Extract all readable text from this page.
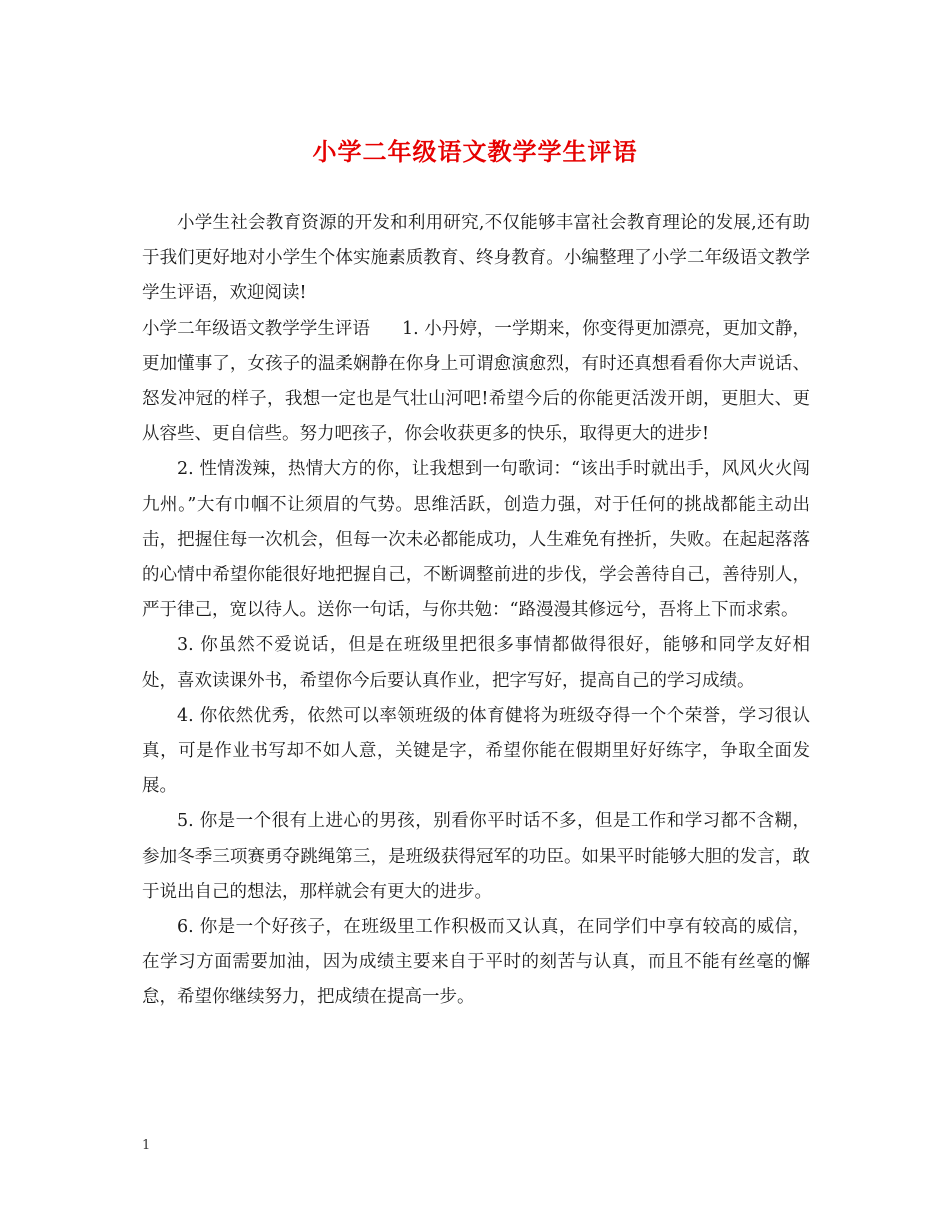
小学二年级语文教学学生评语

小学生社会教育资源的开发和利用研究,不仅能够丰富社会教育理论的发展,还有助于我们更好地对小学生个体实施素质教育、终身教育。小编整理了小学二年级语文教学学生评语，欢迎阅读!

小学二年级语文教学学生评语 1. 小丹婷，一学期来，你变得更加漂亮，更加文静，更加懂事了，女孩子的温柔娴静在你身上可谓愈演愈烈，有时还真想看看你大声说话、怒发冲冠的样子，我想一定也是气壮山河吧!希望今后的你能更活泼开朗，更胆大、更从容些、更自信些。努力吧孩子，你会收获更多的快乐，取得更大的进步!

2. 性情泼辣，热情大方的你，让我想到一句歌词：“该出手时就出手，风风火火闯九州。”大有巾帼不让须眉的气势。思维活跃，创造力强，对于任何的挑战都能主动出击，把握住每一次机会，但每一次未必都能成功，人生难免有挫折，失败。在起起落落的心情中希望你能很好地把握自己，不断调整前进的步伐，学会善待自己，善待别人，严于律己，宽以待人。送你一句话，与你共勉：“路漫漫其修远兮，吾将上下而求索。

3. 你虽然不爱说话，但是在班级里把很多事情都做得很好，能够和同学友好相处，喜欢读课外书，希望你今后要认真作业，把字写好，提高自己的学习成绩。

4. 你依然优秀，依然可以率领班级的体育健将为班级夺得一个个荣誉，学习很认真，可是作业书写却不如人意，关键是字，希望你能在假期里好好练字，争取全面发展。

5. 你是一个很有上进心的男孩，别看你平时话不多，但是工作和学习都不含糊，参加冬季三项赛勇夺跳绳第三，是班级获得冠军的功臣。如果平时能够大胆的发言，敢于说出自己的想法，那样就会有更大的进步。

6. 你是一个好孩子，在班级里工作积极而又认真，在同学们中享有较高的威信，在学习方面需要加油，因为成绩主要来自于平时的刻苦与认真，而且不能有丝毫的懈怠，希望你继续努力，把成绩在提高一步。

1
